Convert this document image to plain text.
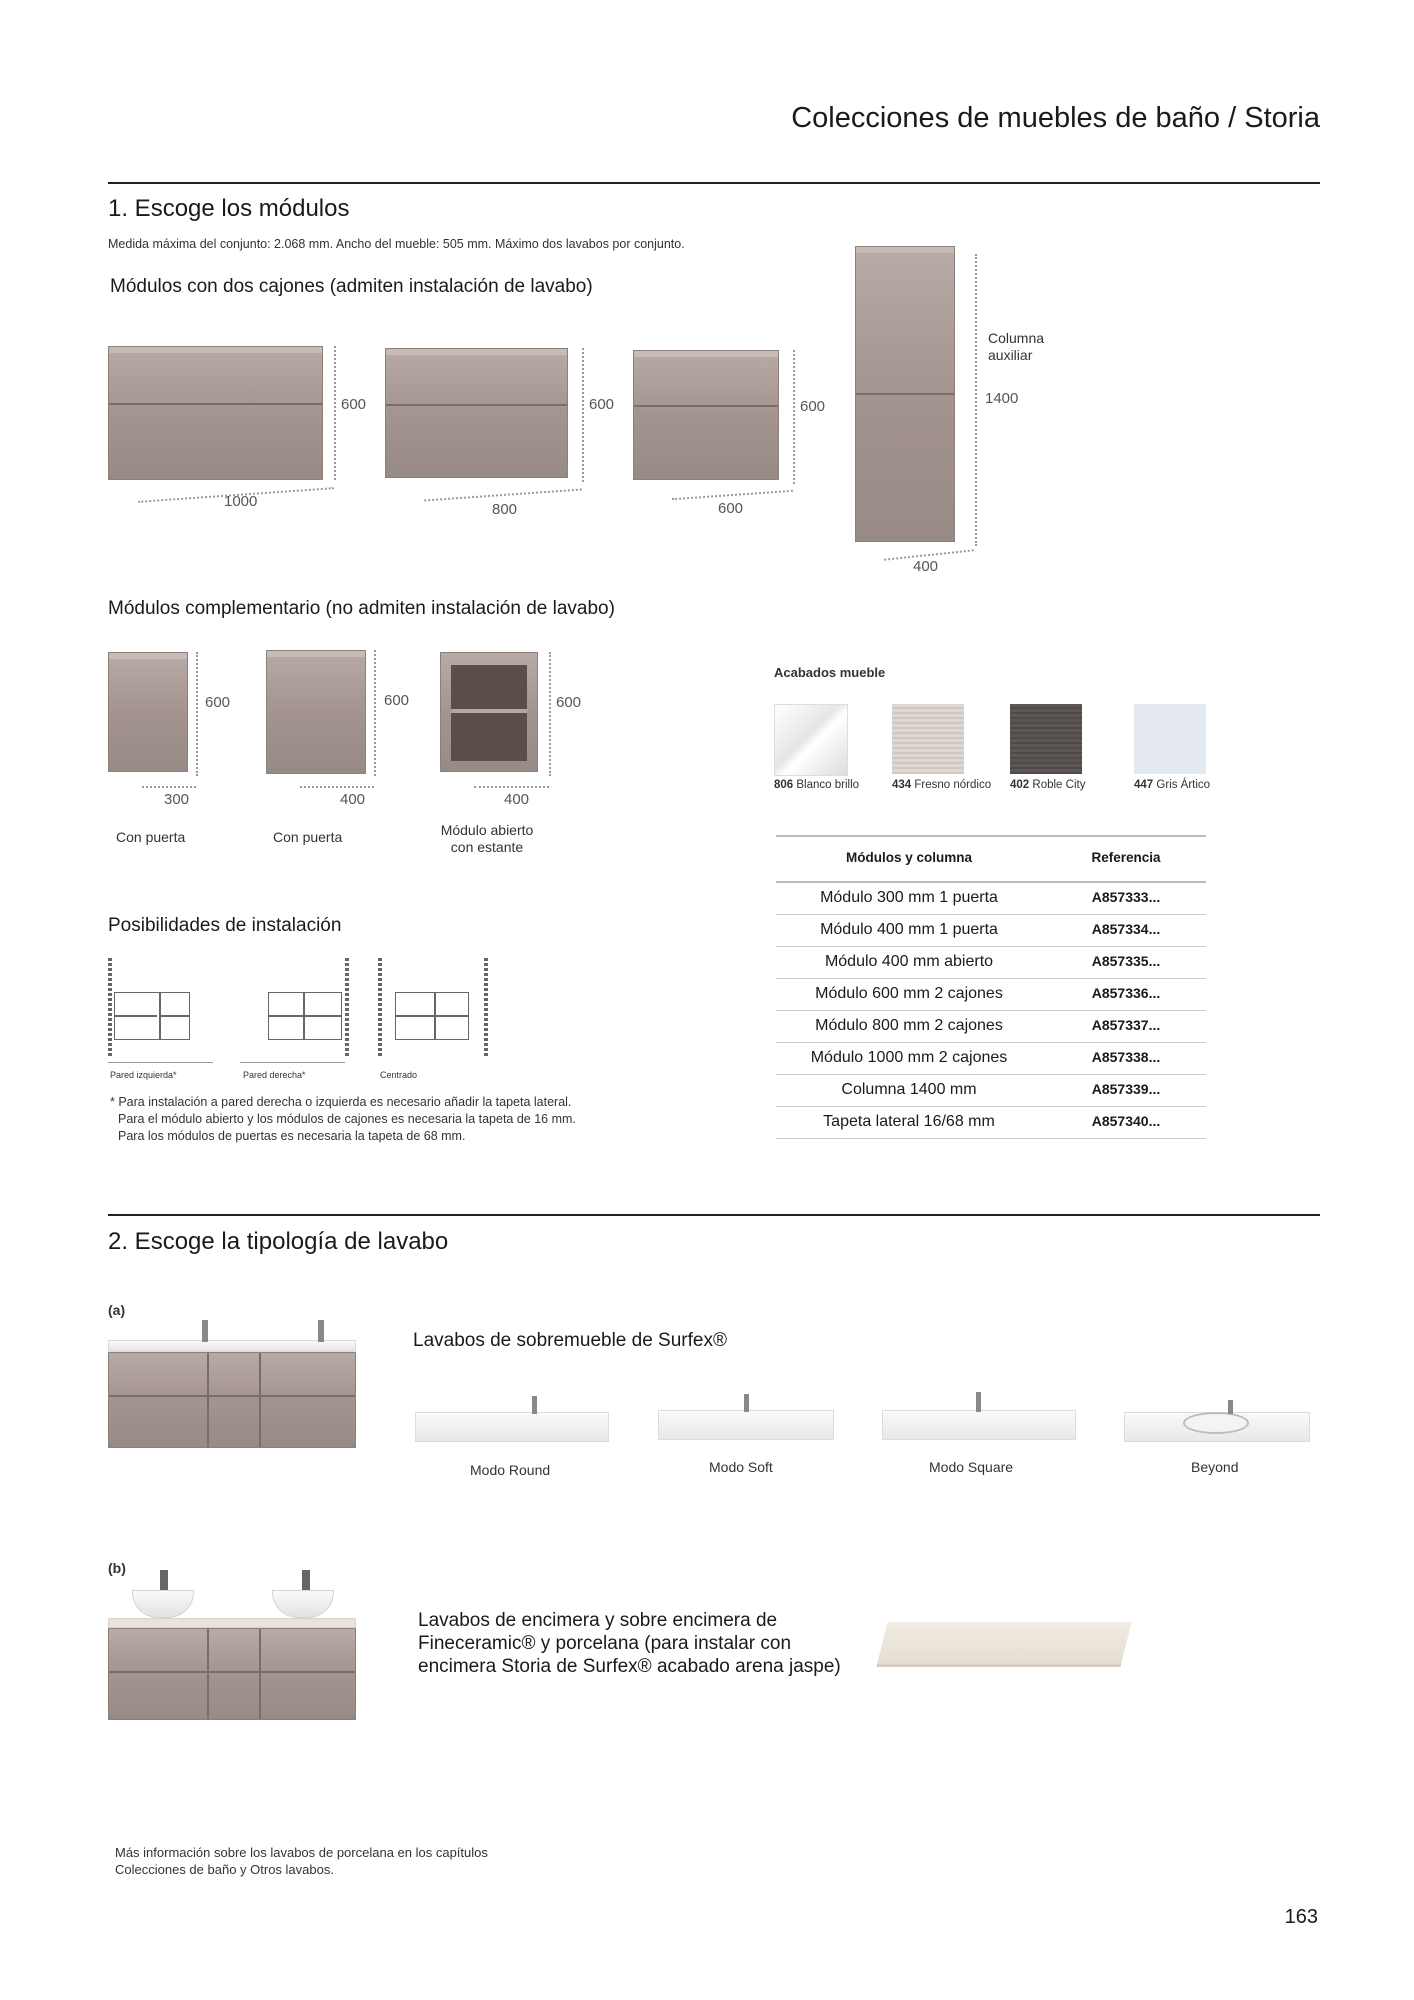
Colecciones de muebles de baño / Storia
1. Escoge los módulos
Medida máxima del conjunto: 2.068 mm. Ancho del mueble: 505 mm. Máximo dos lavabos por conjunto.
Módulos con dos cajones (admiten instalación de lavabo)
600
1000
600
800
600
600
Columna auxiliar
1400
400
Módulos complementario (no admiten instalación de lavabo)
600
300
Con puerta
600
400
Con puerta
600
400
Módulo abierto con estante
Acabados mueble
806 Blanco brillo	434 Fresno nórdico 402 Roble City	447 Gris Ártico
Módulos y columna	Referencia
Módulo 300 mm 1 puerta	A857333...
Módulo 400 mm 1 puerta	A857334...
Módulo 400 mm abierto	A857335...
Módulo 600 mm 2 cajones	A857336...
Módulo 800 mm 2 cajones	A857337...
Módulo 1000 mm 2 cajones	A857338...
Columna 1400 mm	A857339...
Tapeta lateral 16/68 mm	A857340...
Posibilidades de instalación
Pared izquierda*	Pared derecha*	Centrado
* Para instalación a pared derecha o izquierda es necesario añadir la tapeta lateral.
Para el módulo abierto y los módulos de cajones es necesaria la tapeta de 16 mm.
Para los módulos de puertas es necesaria la tapeta de 68 mm.
2. Escoge la tipología de lavabo
(a)
Lavabos de sobremueble de Surfex®
Modo Round	Modo Soft	Modo Square	Beyond
(b)
Lavabos de encimera y sobre encimera de
Fineceramic® y porcelana (para instalar con
encimera Storia de Surfex® acabado arena jaspe)
Más información sobre los lavabos de porcelana en los capítulos
Colecciones de baño y Otros lavabos.
163
